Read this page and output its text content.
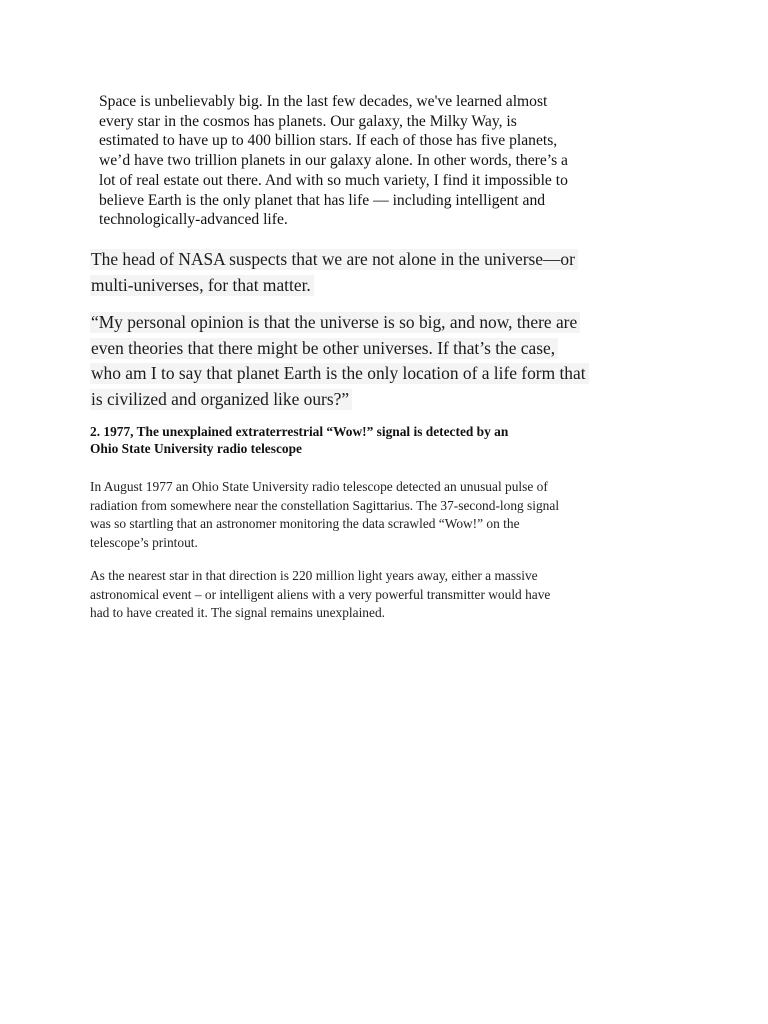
Space is unbelievably big. In the last few decades, we've learned almost
every star in the cosmos has planets. Our galaxy, the Milky Way, is
estimated to have up to 400 billion stars. If each of those has five planets,
we’d have two trillion planets in our galaxy alone. In other words, there’s a
lot of real estate out there. And with so much variety, I find it impossible to
believe Earth is the only planet that has life — including intelligent and
technologically-advanced life.
The head of NASA suspects that we are not alone in the universe—or
multi-universes, for that matter.
“My personal opinion is that the universe is so big, and now, there are
even theories that there might be other universes. If that’s the case,
who am I to say that planet Earth is the only location of a life form that
is civilized and organized like ours?”
2. 1977, The unexplained extraterrestrial “Wow!” signal is detected by an
Ohio State University radio telescope
In August 1977 an Ohio State University radio telescope detected an unusual pulse of
radiation from somewhere near the constellation Sagittarius. The 37-second-long signal
was so startling that an astronomer monitoring the data scrawled “Wow!” on the
telescope’s printout.
As the nearest star in that direction is 220 million light years away, either a massive
astronomical event – or intelligent aliens with a very powerful transmitter would have
had to have created it. The signal remains unexplained.
